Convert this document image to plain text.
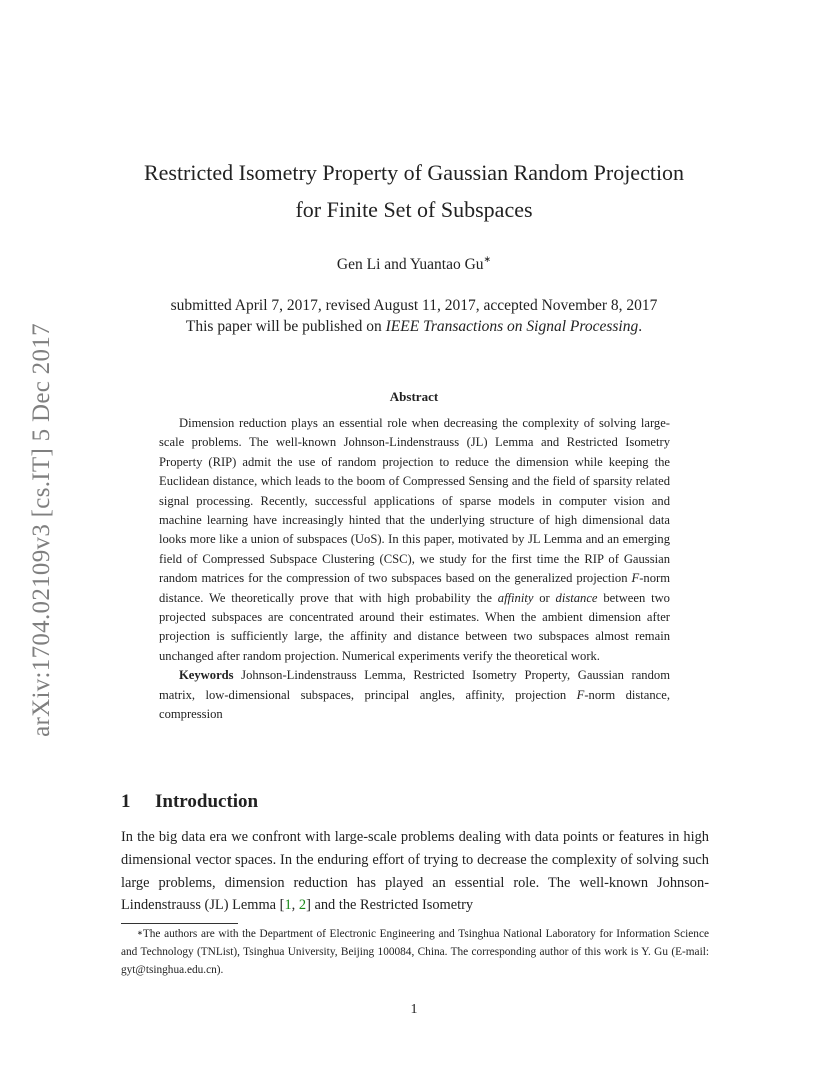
arXiv:1704.02109v3 [cs.IT] 5 Dec 2017
Restricted Isometry Property of Gaussian Random Projection
for Finite Set of Subspaces
Gen Li and Yuantao Gu∗
submitted April 7, 2017, revised August 11, 2017, accepted November 8, 2017
This paper will be published on IEEE Transactions on Signal Processing.
Abstract

Dimension reduction plays an essential role when decreasing the complexity of solving large-scale problems. The well-known Johnson-Lindenstrauss (JL) Lemma and Restricted Isometry Property (RIP) admit the use of random projection to reduce the dimension while keeping the Euclidean distance, which leads to the boom of Compressed Sensing and the field of sparsity related signal processing. Recently, successful applications of sparse models in computer vision and machine learning have increasingly hinted that the underlying structure of high dimensional data looks more like a union of subspaces (UoS). In this paper, motivated by JL Lemma and an emerging field of Compressed Subspace Clustering (CSC), we study for the first time the RIP of Gaussian random matrices for the compression of two subspaces based on the generalized projection F-norm distance. We theoretically prove that with high probability the affinity or distance between two projected subspaces are concentrated around their estimates. When the ambient dimension after projection is sufficiently large, the affinity and distance between two subspaces almost remain unchanged after random projection. Numerical experiments verify the theoretical work.

Keywords Johnson-Lindenstrauss Lemma, Restricted Isometry Property, Gaussian random matrix, low-dimensional subspaces, principal angles, affinity, projection F-norm distance, compression

1 Introduction

In the big data era we confront with large-scale problems dealing with data points or features in high dimensional vector spaces. In the enduring effort of trying to decrease the complexity of solving such large problems, dimension reduction has played an essential role. The well-known Johnson-Lindenstrauss (JL) Lemma [1, 2] and the Restricted Isometry

∗The authors are with the Department of Electronic Engineering and Tsinghua National Laboratory for Information Science and Technology (TNList), Tsinghua University, Beijing 100084, China. The corresponding author of this work is Y. Gu (E-mail: gyt@tsinghua.edu.cn).

1
